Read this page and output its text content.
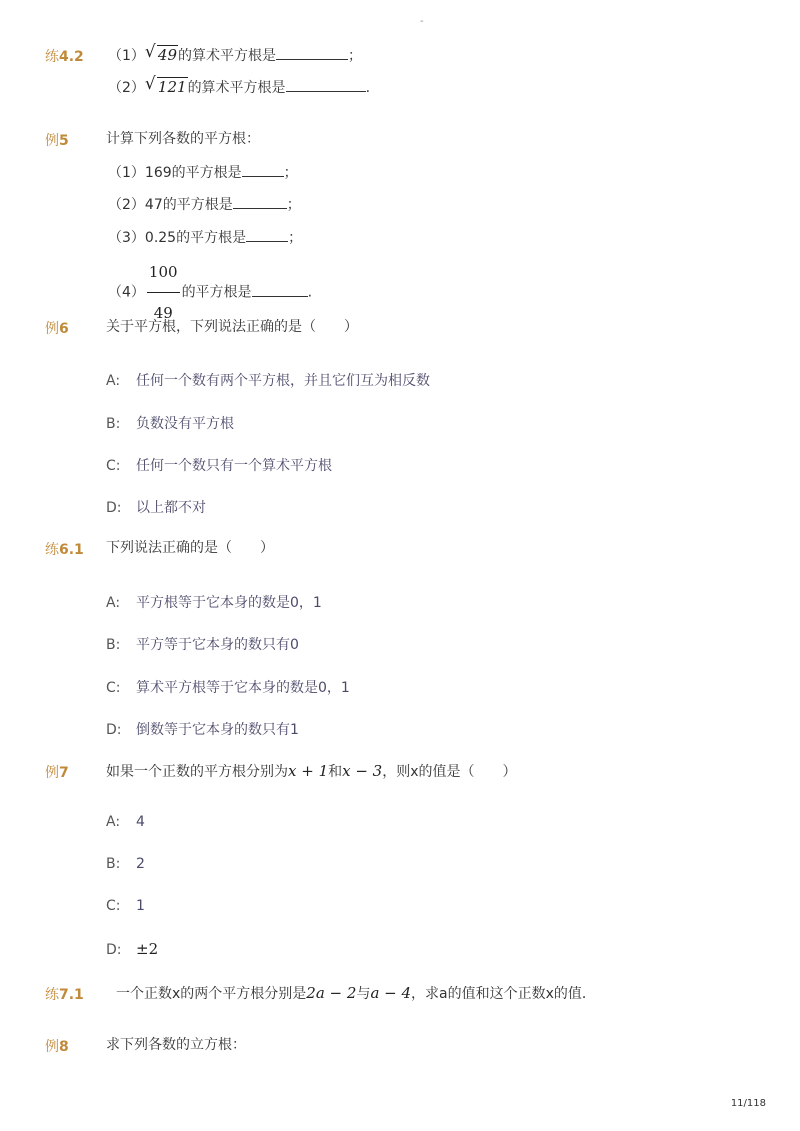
-
练4.2 （1） √ 49的算术平方根是	；
（2） √ 121的算术平方根是	.
例5	计算下列各数的平方根：
（1）169的平方根是	；
（2）47的平方根是	；
（3）0.25的平方根是	；
$(4) \frac{100}{49}$ 的平方根是	.
例6	关于平方根，下列说法正确的是（　　）
A: 任何一个数有两个平方根，并且它们互为相反数
B: 负数没有平方根
C: 任何一个数只有一个算术平方根
D: 以上都不对
练6.1 下列说法正确的是（　　）
A: 平方根等于它本身的数是0，1
B: 平方等于它本身的数只有0
C: 算术平方根等于它本身的数是0，1
D: 倒数等于它本身的数只有1
例7	如果一个正数的平方根分别为x + 1和x − 3，则x的值是（　　）
A: 4
B: 2
C: 1
D: ±2
练7.1 一个正数x的两个平方根分别是2a − 2与a − 4，求a的值和这个正数x的值．
例8	求下列各数的立方根：
11/118
